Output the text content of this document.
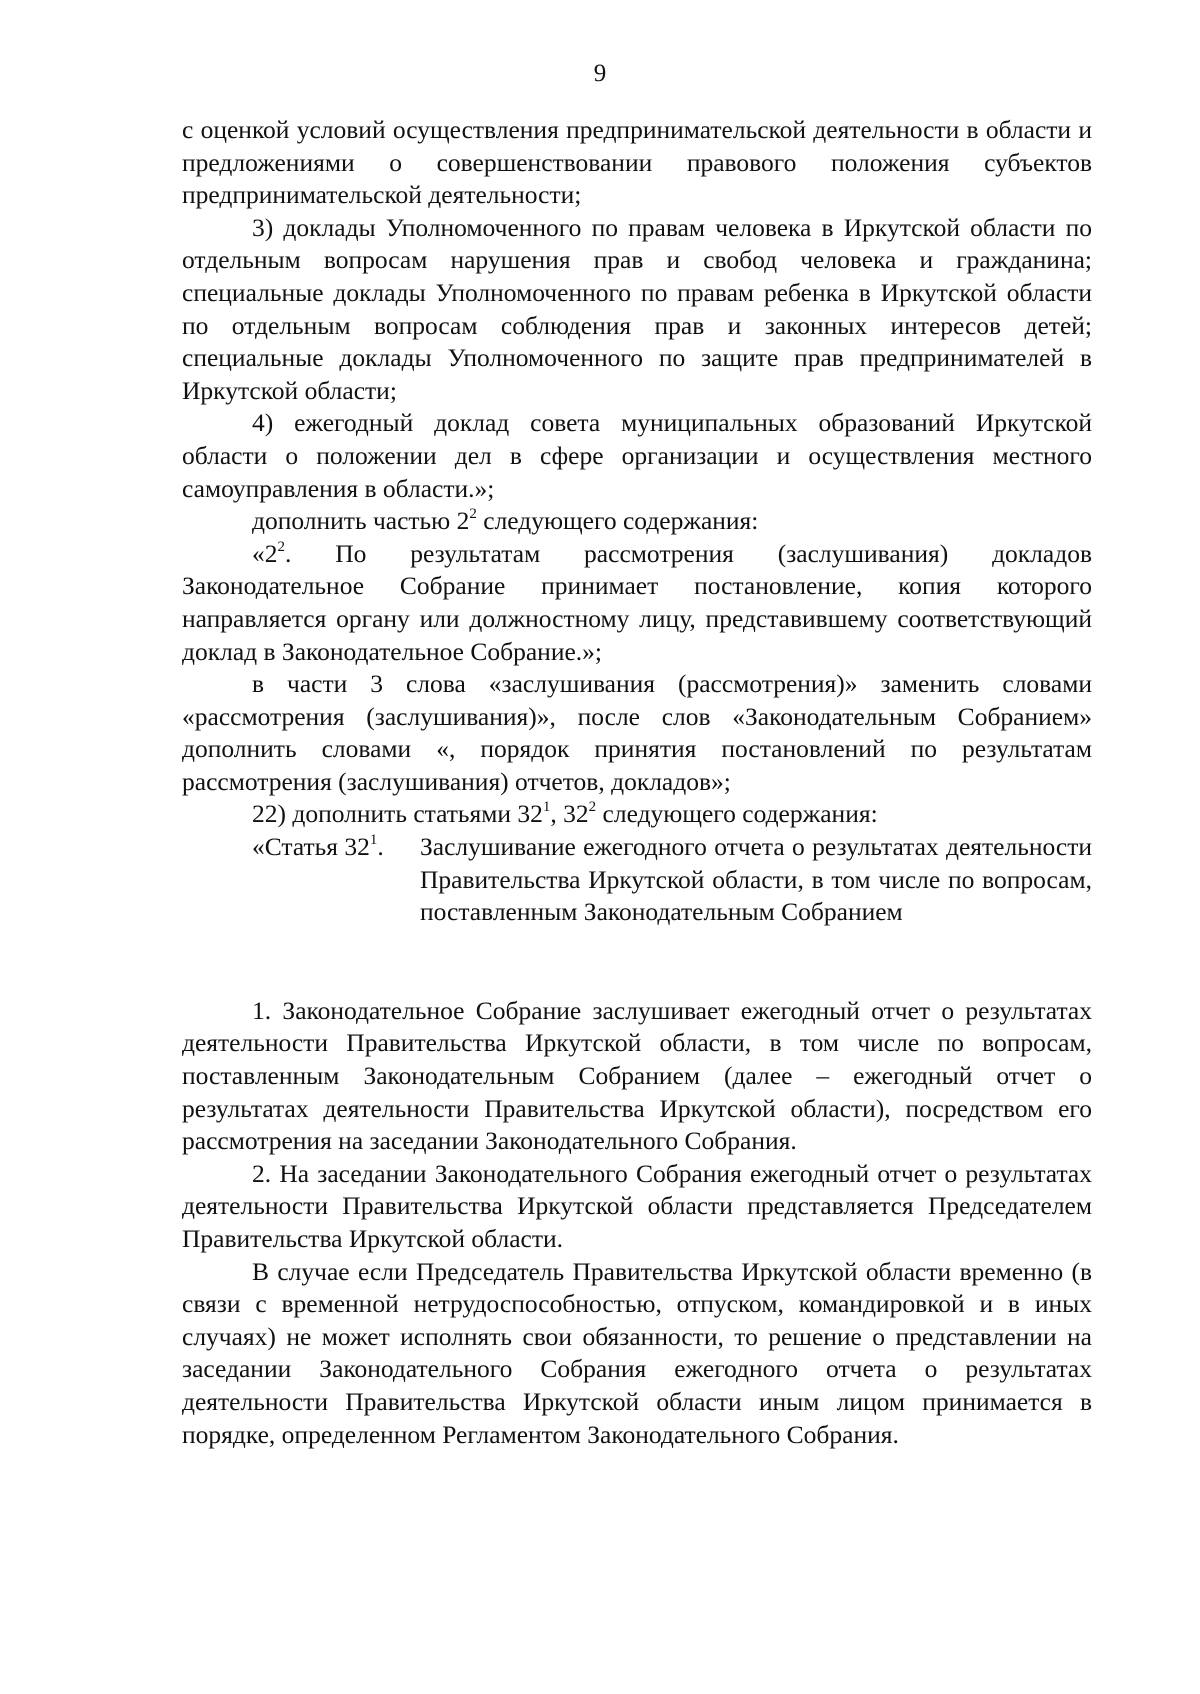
9

с оценкой условий осуществления предпринимательской деятельности в области и предложениями о совершенствовании правового положения субъектов предпринимательской деятельности;

3) доклады Уполномоченного по правам человека в Иркутской области по отдельным вопросам нарушения прав и свобод человека и гражданина; специальные доклады Уполномоченного по правам ребенка в Иркутской области по отдельным вопросам соблюдения прав и законных интересов детей; специальные доклады Уполномоченного по защите прав предпринимателей в Иркутской области;

4) ежегодный доклад совета муниципальных образований Иркутской области о положении дел в сфере организации и осуществления местного самоуправления в области.»;

дополнить частью $2^2$ следующего содержания:

«$2^2$. По результатам рассмотрения (заслушивания) докладов Законодательное Собрание принимает постановление, копия которого направляется органу или должностному лицу, представившему соответствующий доклад в Законодательное Собрание.»;

в части 3 слова «заслушивания (рассмотрения)» заменить словами «рассмотрения (заслушивания)», после слов «Законодательным Собранием» дополнить словами «, порядок принятия постановлений по результатам рассмотрения (заслушивания) отчетов, докладов»;

22) дополнить статьями $32^1$, $32^2$ следующего содержания:

«Статья $32^1$.	Заслушивание ежегодного отчета о результатах деятельности Правительства Иркутской области, в том числе по вопросам, поставленным Законодательным Собранием

1. Законодательное Собрание заслушивает ежегодный отчет о результатах деятельности Правительства Иркутской области, в том числе по вопросам, поставленным Законодательным Собранием (далее – ежегодный отчет о результатах деятельности Правительства Иркутской области), посредством его рассмотрения на заседании Законодательного Собрания.

2. На заседании Законодательного Собрания ежегодный отчет о результатах деятельности Правительства Иркутской области представляется Председателем Правительства Иркутской области.

В случае если Председатель Правительства Иркутской области временно (в связи с временной нетрудоспособностью, отпуском, командировкой и в иных случаях) не может исполнять свои обязанности, то решение о представлении на заседании Законодательного Собрания ежегодного отчета о результатах деятельности Правительства Иркутской области иным лицом принимается в порядке, определенном Регламентом Законодательного Собрания.
